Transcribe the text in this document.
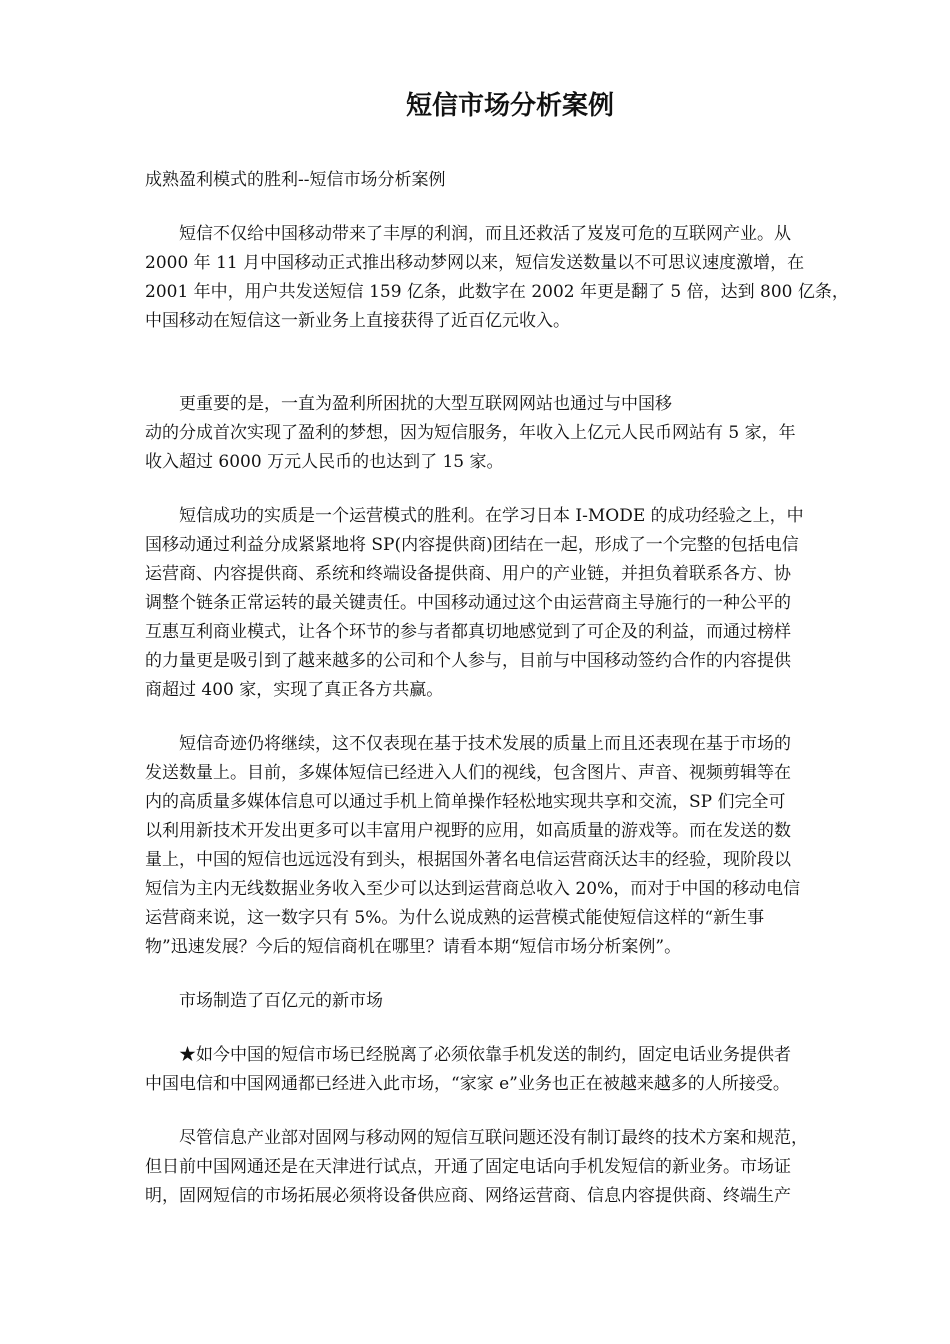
短信市场分析案例
成熟盈利模式的胜利--短信市场分析案例
短信不仅给中国移动带来了丰厚的利润，而且还救活了岌岌可危的互联网产业。从
2000 年 11 月中国移动正式推出移动梦网以来，短信发送数量以不可思议速度激增，在
2001 年中，用户共发送短信 159 亿条，此数字在 2002 年更是翻了 5 倍，达到 800 亿条，
中国移动在短信这一新业务上直接获得了近百亿元收入。
更重要的是，一直为盈利所困扰的大型互联网网站也通过与中国移
动的分成首次实现了盈利的梦想，因为短信服务，年收入上亿元人民币网站有 5 家，年
收入超过 6000 万元人民币的也达到了 15 家。
短信成功的实质是一个运营模式的胜利。在学习日本 I-MODE 的成功经验之上，中
国移动通过利益分成紧紧地将 SP(内容提供商)团结在一起，形成了一个完整的包括电信
运营商、内容提供商、系统和终端设备提供商、用户的产业链，并担负着联系各方、协
调整个链条正常运转的最关键责任。中国移动通过这个由运营商主导施行的一种公平的
互惠互利商业模式，让各个环节的参与者都真切地感觉到了可企及的利益，而通过榜样
的力量更是吸引到了越来越多的公司和个人参与，目前与中国移动签约合作的内容提供
商超过 400 家，实现了真正各方共赢。
短信奇迹仍将继续，这不仅表现在基于技术发展的质量上而且还表现在基于市场的
发送数量上。目前，多媒体短信已经进入人们的视线，包含图片、声音、视频剪辑等在
内的高质量多媒体信息可以通过手机上简单操作轻松地实现共享和交流，SP 们完全可
以利用新技术开发出更多可以丰富用户视野的应用，如高质量的游戏等。而在发送的数
量上，中国的短信也远远没有到头，根据国外著名电信运营商沃达丰的经验，现阶段以
短信为主内无线数据业务收入至少可以达到运营商总收入 20%，而对于中国的移动电信
运营商来说，这一数字只有 5%。为什么说成熟的运营模式能使短信这样的“新生事
物”迅速发展？今后的短信商机在哪里？请看本期“短信市场分析案例”。
市场制造了百亿元的新市场
★如今中国的短信市场已经脱离了必须依靠手机发送的制约，固定电话业务提供者
中国电信和中国网通都已经进入此市场，“家家 e”业务也正在被越来越多的人所接受。
尽管信息产业部对固网与移动网的短信互联问题还没有制订最终的技术方案和规范，
但日前中国网通还是在天津进行试点，开通了固定电话向手机发短信的新业务。市场证
明，固网短信的市场拓展必须将设备供应商、网络运营商、信息内容提供商、终端生产
